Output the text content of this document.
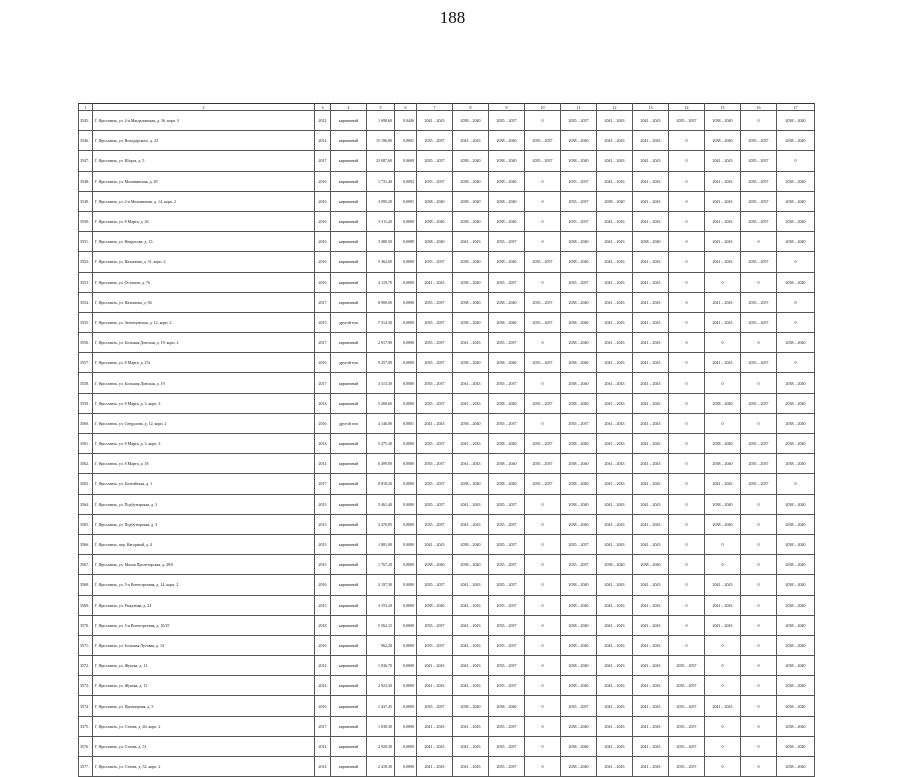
188
1	2	3	4	5	6	7	8	9	10	11	12	13	14	15	16	17
3545.	Г. Ярославль, ул. 2-я Магдалинская, д. 36, корп. 3	2012	кирпичный	1 698,60	0,0446	2041 – 2043	2038 – 2040	2035 – 2037	0	2035 – 2037	2041 – 2043	2041 – 2043	2035 – 2037	2038 – 2040	0	2038 – 2040
3546.	Г. Ярославль, ул. Володарского, д. 23	2014	кирпичный	15 196,80	0,0601	2035 – 2037	2041 – 2043	2038 – 2040	2035 – 2037	2038 – 2040	2041 – 2043	2041 – 2043	0	2038 – 2040	2035 – 2037	2038 – 2040
3547.	Г. Ярославль, ул. Шорса, д. 5	2017	кирпичный	23 087,60	0,0609	2035 – 2037	2038 – 2040	2038 – 2040	2035 – 2037	2038 – 2040	2041 – 2043	2041 – 2043	0	2041 – 2043	2035 – 2037	0
3548.	Г. Ярославль, ул. Маланинская, д. 29	2016	кирпичный	1 731,40	0,0092	2035 – 2037	2038 – 2040	2038 – 2040	0	2035 – 2037	2041 – 2043	2041 – 2043	0	2041 – 2043	2035 – 2037	2038 – 2040
3549.	Г. Ярославль, ул. 2-я Мельничная, д. 14, корп. 2	2016	кирпичный	3 095,20	0,0001	2038 – 2040	2038 – 2040	2038 – 2040	0	2035 – 2037	2038 – 2040	2041 – 2043	0	2041 – 2043	2035 – 2037	2038 – 2040
3550.	Г. Ярославль, ул. 8 Марта, д. 26	2016	кирпичный	3 311,20	0,0000	2038 – 2040	2038 – 2040	2038 – 2040	0	2035 – 2037	2041 – 2043	2041 – 2043	0	2041 – 2043	2035 – 2037	2038 – 2040
3551.	Г. Ярославль, ул. Некрасова, д. 15	2016	кирпичный	3 480,50	0,0089	2038 – 2040	2041 – 2043	2035 – 2037	0	2038 – 2040	2041 – 2043	2038 – 2040	0	2041 – 2043	0	2038 – 2040
3552.	Г. Ярославль, ул. Нахимова, д. 31, корп. 2	2016	кирпичный	5 362,00	0,0000	2035 – 2037	2038 – 2040	2038 – 2040	2035 – 2037	2038 – 2040	2041 – 2043	2041 – 2043	0	2041 – 2043	2035 – 2037	0
3553.	Г. Ярославль, ул. Осташов, д. 76	2016	кирпичный	4 119,70	0,0000	2041 – 2043	2038 – 2040	2035 – 2037	0	2035 – 2037	2041 – 2043	2041 – 2043	0	0	0	2038 – 2040
3554.	Г. Ярославль, ул. Нахимова, д. 94	2017	кирпичный	8 900,00	0,0000	2035 – 2037	2038 – 2040	2038 – 2040	2035 – 2037	2038 – 2040	2041 – 2043	2041 – 2043	0	2041 – 2043	2035 – 2037	0
3555.	Г. Ярославль, ул. Зеленцовская, д. 12, корп. 2	2015	другой тип	7 314,30	0,0000	2035 – 2037	2038 – 2040	2038 – 2040	2035 – 2037	2038 – 2040	2041 – 2043	2041 – 2043	0	2041 – 2043	2035 – 2037	0
3556.	Г. Ярославль, ул. Большая Донская, д. 19, корп. 2	2017	кирпичный	2 017,90	0,0000	2035 – 2037	2041 – 2043	2035 – 2037	0	2038 – 2040	2041 – 2043	2041 – 2043	0	0	0	2038 – 2040
3557.	Г. Ярославль, ул. 8 Марта, д. 27а	2016	другой тип	9 257,90	0,0000	2035 – 2037	2038 – 2040	2038 – 2040	2035 – 2037	2038 – 2040	2041 – 2043	2041 – 2043	0	2041 – 2043	2035 – 2037	0
3558.	Г. Ярославль, ул. Большая Донская, д. 19	2017	кирпичный	3 313,30	0,0000	2035 – 2037	2041 – 2043	2035 – 2037	0	2038 – 2040	2041 – 2043	2041 – 2043	0	0	0	2038 – 2040
3559.	Г. Ярославль, ул. 8 Марта, д. 3, корп. 3	2014	кирпичный	5 268,60	0,0000	2035 – 2037	2041 – 2043	2038 – 2040	2035 – 2037	2038 – 2040	2041 – 2043	2041 – 2043	0	2038 – 2040	2035 – 2037	2038 – 2040
3560.	Г. Ярославль, ул. Свердлова, д. 12, корп. 2	2016	другой тип	4 146,00	0,0001	2041 – 2043	2038 – 2040	2035 – 2037	0	2035 – 2037	2041 – 2043	2041 – 2043	0	0	0	2038 – 2040
3561.	Г. Ярославль, ул. 8 Марта, д. 3, корп. 3	2014	кирпичный	5 275,30	0,0000	2035 – 2037	2041 – 2043	2038 – 2040	2035 – 2037	2038 – 2040	2041 – 2043	2041 – 2043	0	2038 – 2040	2035 – 2037	2038 – 2040
3562.	Г. Ярославль, ул. 8 Марта, д. 18	2014	кирпичный	6 499,00	0,0000	2035 – 2037	2041 – 2043	2038 – 2040	2035 – 2037	2038 – 2040	2041 – 2043	2041 – 2043	0	2038 – 2040	2035 – 2037	2038 – 2040
3563.	Г. Ярославль, ул. Балтийская, д. 1	2017	кирпичный	8 818,20	0,0000	2035 – 2037	2038 – 2040	2038 – 2040	2035 – 2037	2038 – 2040	2041 – 2043	2041 – 2043	0	2041 – 2043	2035 – 2037	0
3564.	Г. Ярославль, ул. Подбутырская, д. 3	2013	кирпичный	5 461,40	0,0000	2035 – 2037	2041 – 2043	2035 – 2037	0	2038 – 2040	2041 – 2043	2041 – 2043	0	2038 – 2040	0	2038 – 2040
3565.	Г. Ярославль, ул. Подбутырская, д. 3	2013	кирпичный	4 470,85	0,0000	2035 – 2037	2041 – 2043	2035 – 2037	0	2038 – 2040	2041 – 2043	2041 – 2043	0	2038 – 2040	0	2038 – 2040
3566.	Г. Ярославль, пер. Нагорный, д. 4	2013	кирпичный	1 881,00	0,0000	2041 – 2043	2038 – 2040	2035 – 2037	0	2035 – 2037	2041 – 2043	2041 – 2043	0	0	0	2038 – 2040
3567.	Г. Ярославль, ул. Малая Пролетарская, д. 28/6	2015	кирпичный	1 767,20	0,0000	2038 – 2040	2038 – 2040	2035 – 2037	0	2035 – 2037	2038 – 2040	2038 – 2040	0	0	0	2038 – 2040
3568.	Г. Ярославль, ул. 5-я Военстроевая, д. 14, корп. 2	2016	кирпичный	2 197,30	0,0000	2035 – 2037	2041 – 2043	2035 – 2037	0	2038 – 2040	2041 – 2043	2041 – 2043	0	2041 – 2043	0	2038 – 2040
3569.	Г. Ярославль, ул. Рыкунова, д. 24	2015	кирпичный	3 193,20	0,0000	2038 – 2040	2041 – 2043	2035 – 2037	0	2038 – 2040	2041 – 2043	2041 – 2043	0	2041 – 2043	0	2038 – 2040
3570.	Г. Ярославль, ул. 5-я Военстроевая, д. 10/25	2018	кирпичный	5 562,15	0,0000	2035 – 2037	2041 – 2043	2035 – 2037	0	2038 – 2040	2041 – 2043	2041 – 2043	0	2041 – 2043	0	2038 – 2040
3571.	Г. Ярославль, ул. Большая Луговая, д. 14	2016	кирпичный	962,20	0,0000	2035 – 2037	2041 – 2043	2035 – 2037	0	2038 – 2040	2041 – 2043	2041 – 2043	0	0	0	2038 – 2040
3572.	Г. Ярославль, ул. Жукова, д. 13	2014	кирпичный	1 036,70	0,0000	2041 – 2043	2041 – 2043	2035 – 2037	0	2038 – 2040	2041 – 2043	2041 – 2043	2035 – 2037	0	0	2038 – 2040
3573.	Г. Ярославль, ул. Жукова, д. 15	2014	кирпичный	2 923,30	0,0000	2041 – 2043	2041 – 2043	2035 – 2037	0	2038 – 2040	2041 – 2043	2041 – 2043	2035 – 2037	0	0	2038 – 2040
3574.	Г. Ярославль, ул. Промзорная, д. 5	2016	кирпичный	1 437,45	0,0000	2035 – 2037	2038 – 2040	2038 – 2040	0	2035 – 2037	2041 – 2043	2041 – 2043	2035 – 2037	2041 – 2043	0	2038 – 2040
3575.	Г. Ярославль, ул. Стачек, д. 46, корп. 2	2017	кирпичный	1 038,30	0,0000	2041 – 2043	2041 – 2043	2035 – 2037	0	2038 – 2040	2041 – 2043	2041 – 2043	2035 – 2037	0	0	2038 – 2040
3576.	Г. Ярославль, ул. Стачек, д. 51	2014	кирпичный	2 920,30	0,0000	2041 – 2043	2041 – 2043	2035 – 2037	0	2038 – 2040	2041 – 2043	2041 – 2043	2035 – 2037	0	0	2038 – 2040
3577.	Г. Ярославль, ул. Стачек, д. 52, корп. 2	2014	кирпичный	2 418,30	0,0000	2041 – 2043	2041 – 2043	2035 – 2037	0	2038 – 2040	2041 – 2043	2041 – 2043	2035 – 2037	0	0	2038 – 2040
